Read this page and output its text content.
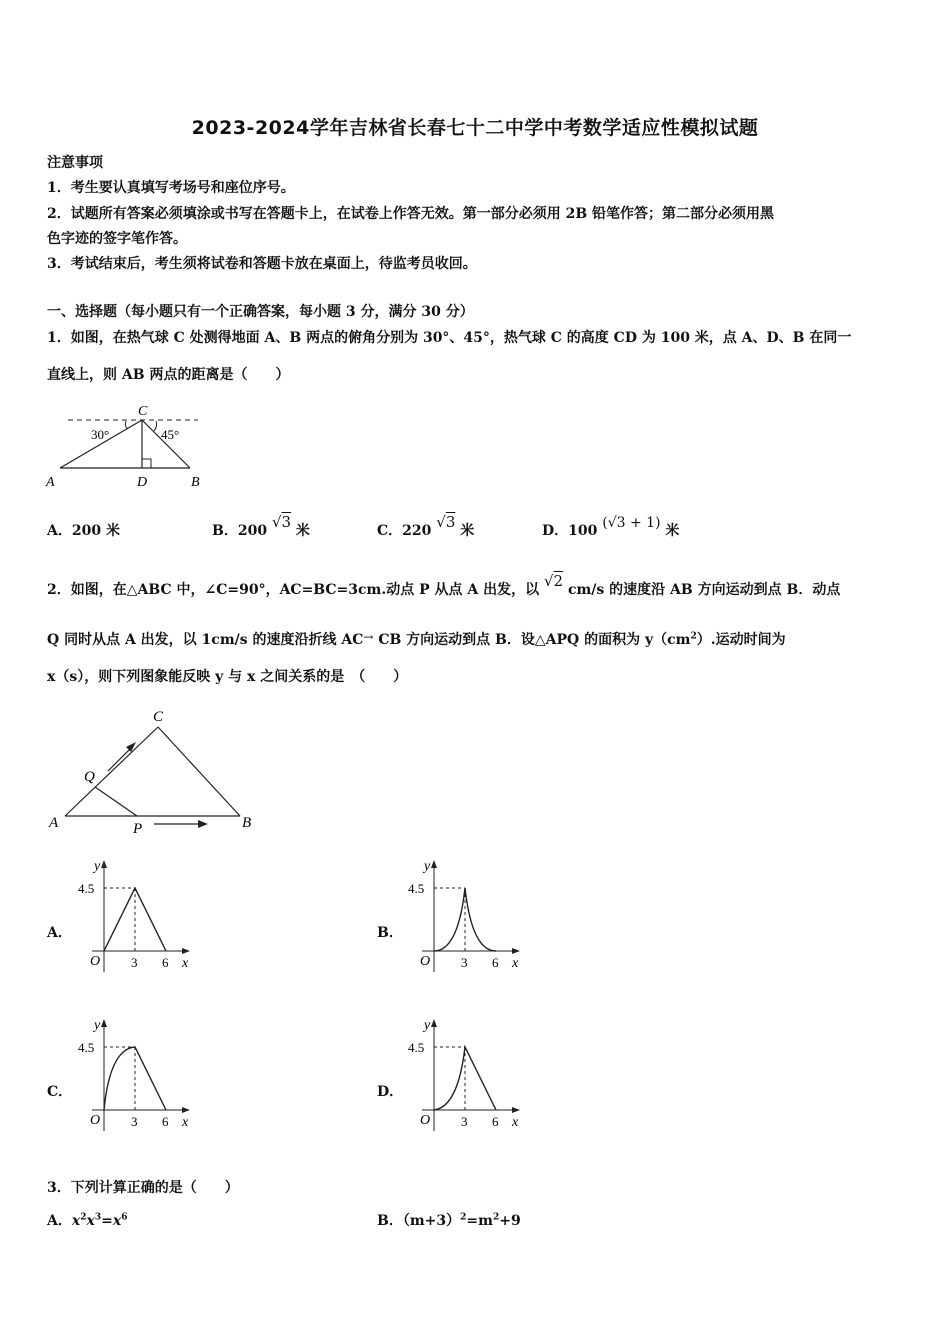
2023-2024学年吉林省长春七十二中学中考数学适应性模拟试题
注意事项
1．考生要认真填写考场号和座位序号。
2．试题所有答案必须填涂或书写在答题卡上，在试卷上作答无效。第一部分必须用 2B 铅笔作答；第二部分必须用黑
色字迹的签字笔作答。
3．考试结束后，考生须将试卷和答题卡放在桌面上，待监考员收回。
一、选择题（每小题只有一个正确答案，每小题 3 分，满分 30 分）
1．如图，在热气球 C 处测得地面 A、B 两点的俯角分别为 30°、45°，热气球 C 的高度 CD 为 100 米，点 A、D、B 在同一
直线上，则 AB 两点的距离是（　　）
C
30°	45°
A	D	B
A．200 米	B．200 √3 米	C．220 √3 米	D．100 (√3 + 1) 米
2．如图，在△ABC 中，∠C=90°，AC=BC=3cm.动点 P 从点 A 出发，以 √2 cm/s 的速度沿 AB 方向运动到点 B．动点
Q 同时从点 A 出发，以 1cm/s 的速度沿折线 AC→ CB 方向运动到点 B．设△APQ 的面积为 $y(cm^2)$.运动时间为
x（s），则下列图象能反映 y 与 x 之间关系的是　（　　）
C
Q
A	P	B
A．
y
4.5
O 3 6 x
B．
y
4.5
O 3 6 x
C．
y
4.5
O 3 6 x
D．
y
4.5
O 3 6 x
3．下列计算正确的是（　　）
A．$x^2x^3=x^6$	B．$(m+3)^2=m^2+9$
